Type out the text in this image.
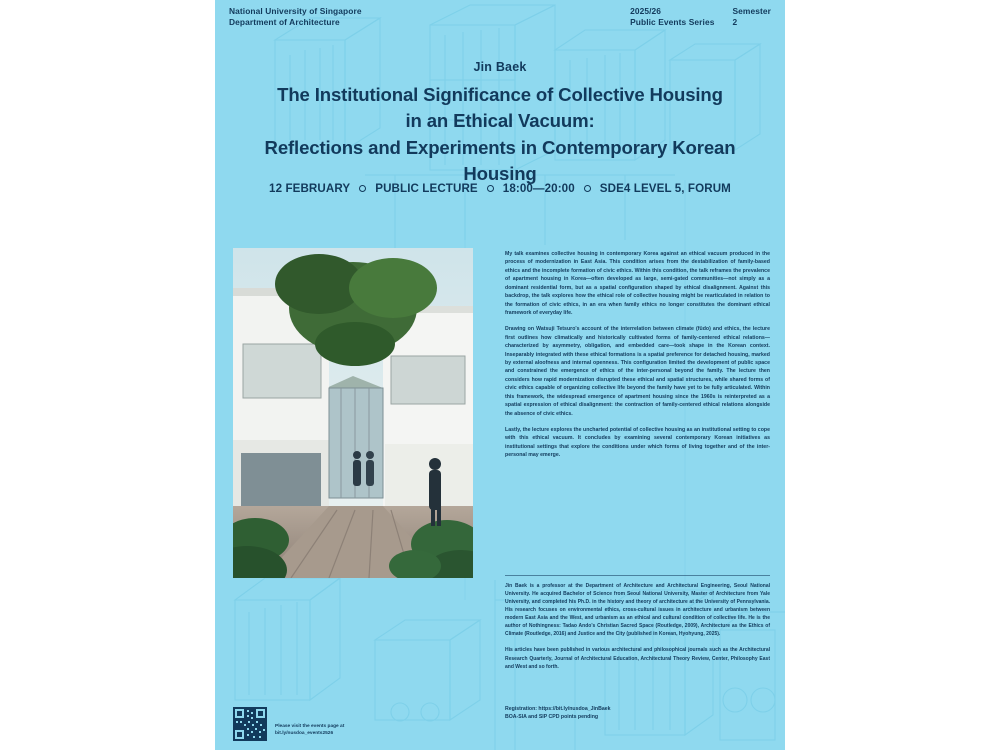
National University of Singapore
Department of Architecture
2025/26
Public Events Series
Semester
2
Jin Baek
The Institutional Significance of Collective Housing
in an Ethical Vacuum:
Reflections and Experiments in Contemporary Korean Housing
12 FEBRUARY PUBLIC LECTURE 18:00—20:00 SDE4 LEVEL 5, FORUM

My talk examines collective housing in contemporary Korea against an ethical vacuum produced in the process of modernization in East Asia. This condition arises from the destabilization of family-based ethics and the incomplete formation of civic ethics. Within this condition, the talk reframes the prevalence of apartment housing in Korea—often developed as large, semi-gated communities—not simply as a dominant residential form, but as a spatial configuration shaped by ethical disalignment. Against this backdrop, the talk explores how the ethical role of collective housing might be rearticulated in relation to the formation of civic ethics, in an era when family ethics no longer constitutes the dominant ethical framework of everyday life.

Drawing on Watsuji Tetsuro's account of the interrelation between climate (fūdo) and ethics, the lecture first outlines how climatically and historically cultivated forms of family-centered ethical relations—characterized by asymmetry, obligation, and embedded care—took shape in the Korean context. Inseparably integrated with these ethical formations is a spatial preference for detached housing, marked by external aloofness and internal openness. This configuration limited the development of public space and constrained the emergence of ethics of the inter-personal beyond the family. The lecture then considers how rapid modernization disrupted these ethical and spatial structures, while shared forms of civic ethics capable of organizing collective life beyond the family have yet to be fully articulated. Within this framework, the widespread emergence of apartment housing since the 1960s is reinterpreted as a spatial expression of ethical disalignment: the contraction of family-centered ethical relations alongside the absence of civic ethics.

Lastly, the lecture explores the uncharted potential of collective housing as an institutional setting to cope with this ethical vacuum. It concludes by examining several contemporary Korean initiatives as institutional settings that explore the conditions under which forms of living together and of the inter-personal may emerge.

Jin Baek is a professor at the Department of Architecture and Architectural Engineering, Seoul National University. He acquired Bachelor of Science from Seoul National University, Master of Architecture from Yale University, and completed his Ph.D. in the history and theory of architecture at the University of Pennsylvania. His research focuses on environmental ethics, cross-cultural issues in architecture and urbanism between modern East Asia and the West, and urbanism as an ethical and cultural condition of collective life. He is the author of Nothingness: Tadao Ando's Christian Sacred Space (Routledge, 2009), Architecture as the Ethics of Climate (Routledge, 2016) and Justice and the City (published in Korean, Hyohyung, 2025).

His articles have been published in various architectural and philosophical journals such as the Architectural Research Quarterly, Journal of Architectural Education, Architectural Theory Review, Center, Philosophy East and West and so forth.

Registration: https://bit.ly/nusdoa_JinBaek
BOA-SIA and SIP CPD points pending
Please visit the events page at bit.ly/nusdoa_events2526
